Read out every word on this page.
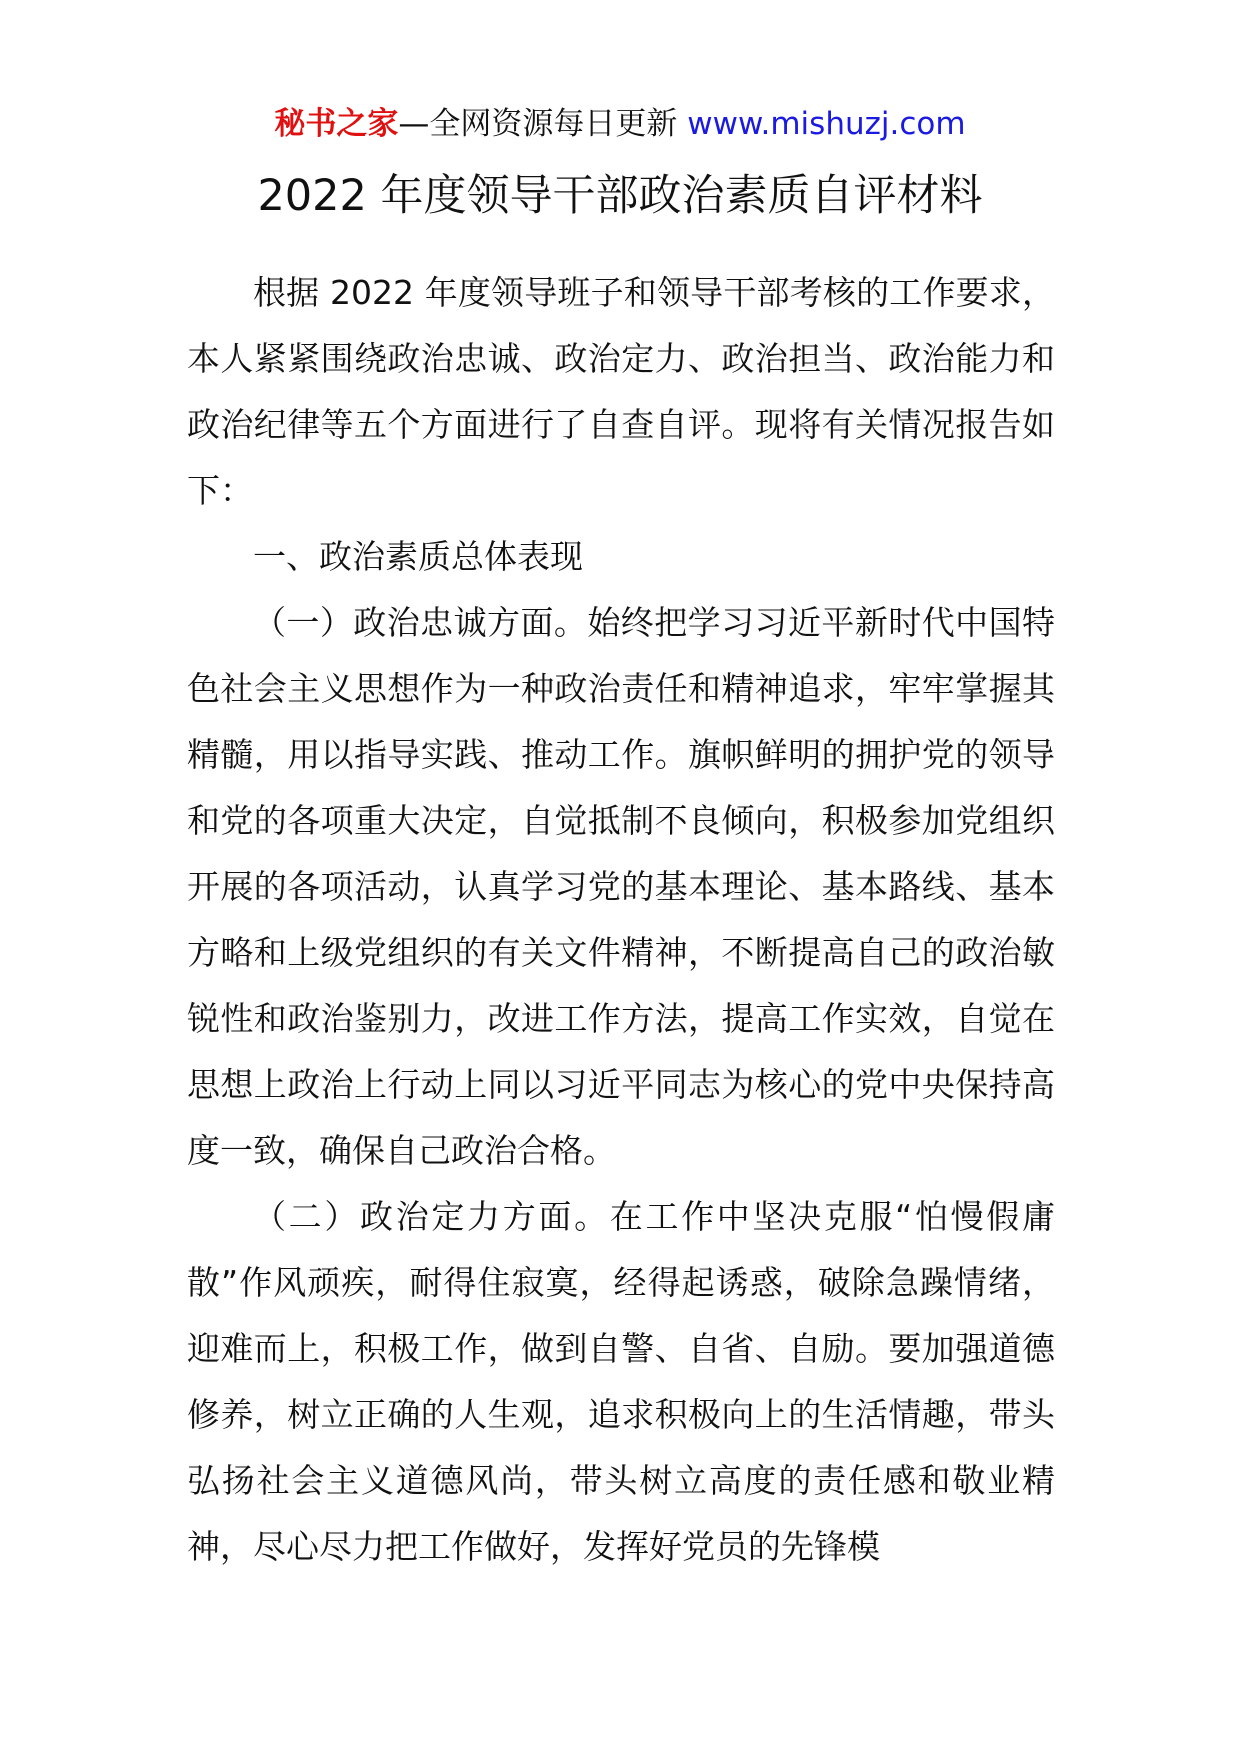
秘书之家—全网资源每日更新 www.mishuzj.com
2022 年度领导干部政治素质自评材料

根据 2022 年度领导班子和领导干部考核的工作要求，本人紧紧围绕政治忠诚、政治定力、政治担当、政治能力和政治纪律等五个方面进行了自查自评。现将有关情况报告如下：

一、政治素质总体表现

（一）政治忠诚方面。始终把学习习近平新时代中国特色社会主义思想作为一种政治责任和精神追求，牢牢掌握其精髓，用以指导实践、推动工作。旗帜鲜明的拥护党的领导和党的各项重大决定，自觉抵制不良倾向，积极参加党组织开展的各项活动，认真学习党的基本理论、基本路线、基本方略和上级党组织的有关文件精神，不断提高自己的政治敏锐性和政治鉴别力，改进工作方法，提高工作实效，自觉在思想上政治上行动上同以习近平同志为核心的党中央保持高度一致，确保自己政治合格。

（二）政治定力方面。在工作中坚决克服“怕慢假庸散”作风顽疾，耐得住寂寞，经得起诱惑，破除急躁情绪，迎难而上，积极工作，做到自警、自省、自励。要加强道德修养，树立正确的人生观，追求积极向上的生活情趣，带头弘扬社会主义道德风尚，带头树立高度的责任感和敬业精神，尽心尽力把工作做好，发挥好党员的先锋模
